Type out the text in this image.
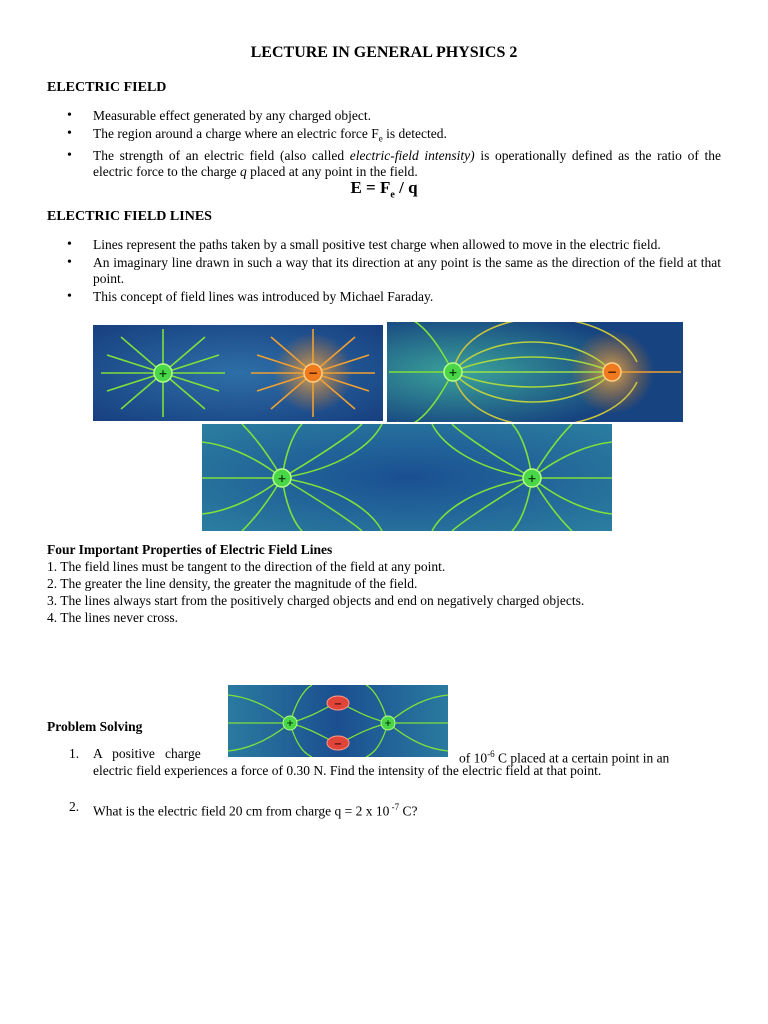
LECTURE IN GENERAL PHYSICS 2
ELECTRIC FIELD
• Measurable effect generated by any charged object.
• The region around a charge where an electric force $F_e$ is detected.
• The strength of an electric field (also called electric-field intensity) is operationally defined as the ratio of the electric force to the charge q placed at any point in the field.
$E = F_e / q$
ELECTRIC FIELD LINES
• Lines represent the paths taken by a small positive test charge when allowed to move in the electric field.
• An imaginary line drawn in such a way that its direction at any point is the same as the direction of the field at that point.
• This concept of field lines was introduced by Michael Faraday.
+	−	+	−
+	+
Four Important Properties of Electric Field Lines
1. The field lines must be tangent to the direction of the field at any point.
2. The greater the line density, the greater the magnitude of the field.
3. The lines always start from the positively charged objects and end on negatively charged objects.
4. The lines never cross.
+	+
−
−
Problem Solving
1. A   positive   charge	of $10^{-6}$ C placed at a certain point in an
electric field experiences a force of 0.30 N. Find the intensity of the electric field at that point.
2. What is the electric field 20 cm from charge q = 2 x 10 $^{-7}$ C?
